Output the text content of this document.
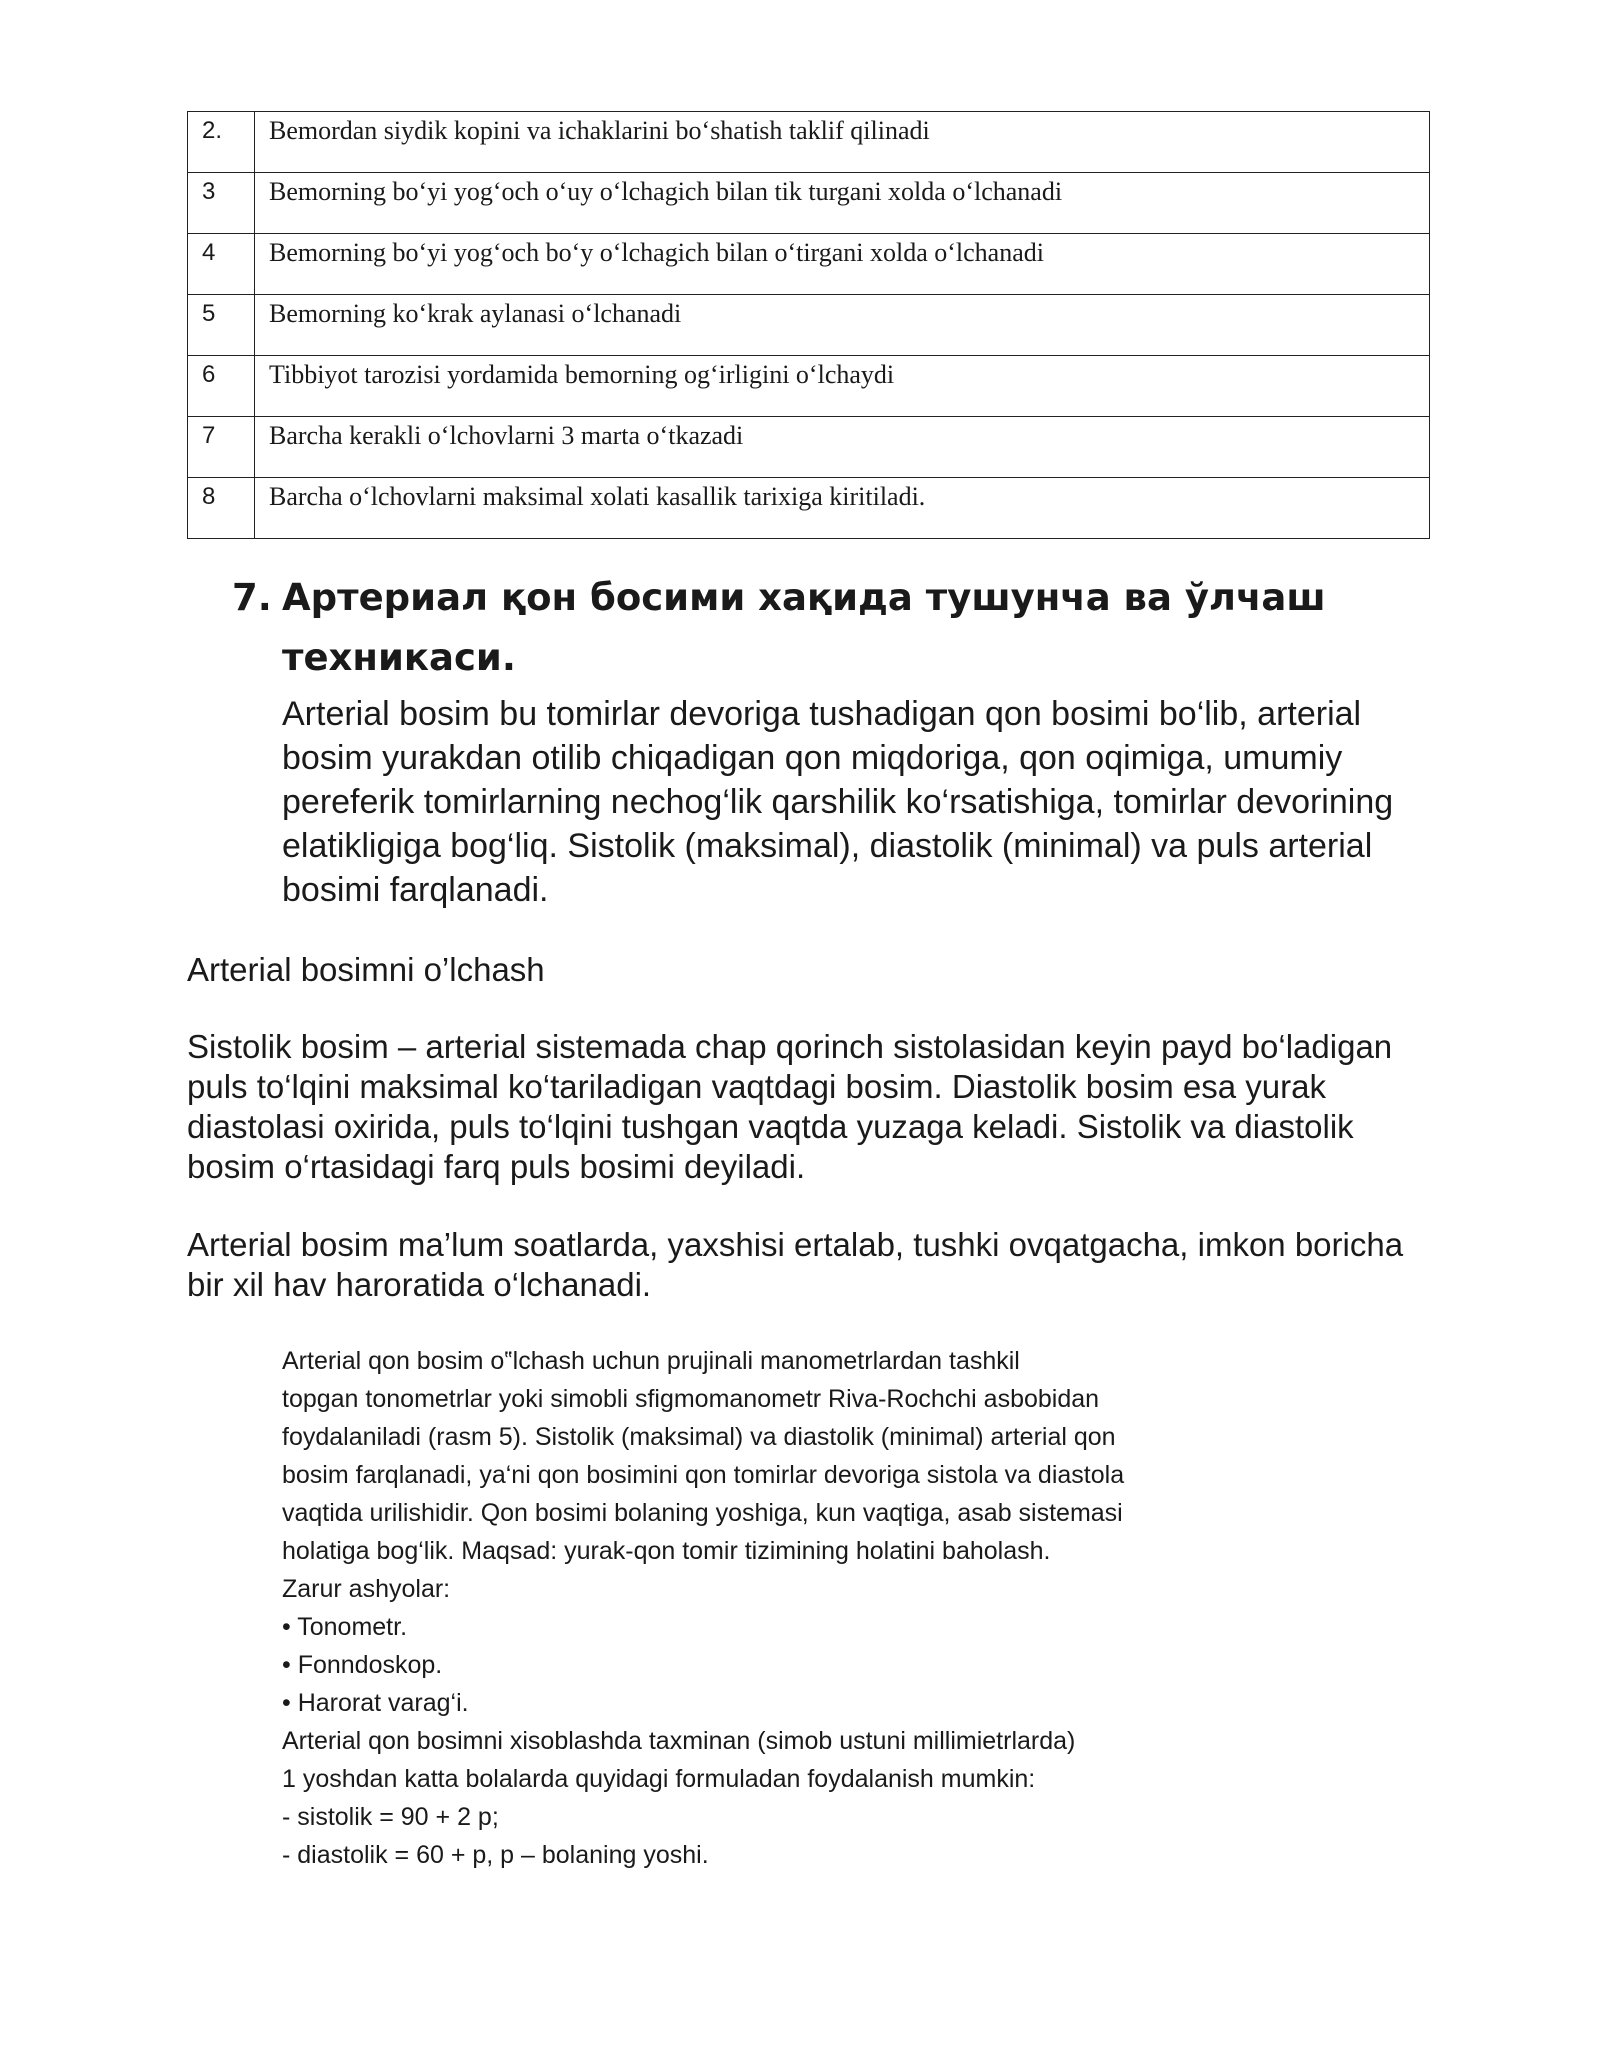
2.	Bemordan siydik kopini va ichaklarini bo‘shatish taklif qilinadi
3	Bemorning bo‘yi yog‘och o‘uy o‘lchagich bilan tik turgani xolda o‘lchanadi
4	Bemorning bo‘yi yog‘och bo‘y o‘lchagich bilan o‘tirgani xolda o‘lchanadi
5	Bemorning ko‘krak aylanasi o‘lchanadi
6	Tibbiyot tarozisi yordamida bemorning og‘irligini o‘lchaydi
7	Barcha kerakli o‘lchovlarni 3 marta o‘tkazadi
8	Barcha o‘lchovlarni maksimal xolati kasallik tarixiga kiritiladi.
7. Артериал қон босими хақида тушунча ва ўлчаш
техникаси.

Arterial bosim bu tomirlar devoriga tushadigan qon bosimi bo‘lib, arterial bosim yurakdan otilib chiqadigan qon miqdoriga, qon oqimiga, umumiy pereferik tomirlarning nechog‘lik qarshilik ko‘rsatishiga, tomirlar devorining elatikligiga bog‘liq. Sistolik (maksimal), diastolik (minimal) va puls arterial bosimi farqlanadi.

Arterial bosimni o’lchash

Sistolik bosim – arterial sistemada chap qorinch sistolasidan keyin payd bo‘ladigan puls to‘lqini maksimal ko‘tariladigan vaqtdagi bosim. Diastolik bosim esa yurak diastolasi oxirida, puls to‘lqini tushgan vaqtda yuzaga keladi. Sistolik va diastolik bosim o‘rtasidagi farq puls bosimi deyiladi.

Arterial bosim ma’lum soatlarda, yaxshisi ertalab, tushki ovqatgacha, imkon boricha bir xil hav haroratida o‘lchanadi.

Arterial qon bosim o‟lchash uchun prujinali manometrlardan tashkil
topgan tonometrlar yoki simobli sfigmomanometr Riva-Rochchi asbobidan
foydalaniladi (rasm 5). Sistolik (maksimal) va diastolik (minimal) arterial qon
bosim farqlanadi, ya‘ni qon bosimini qon tomirlar devoriga sistola va diastola
vaqtida urilishidir. Qon bosimi bolaning yoshiga, kun vaqtiga, asab sistemasi
holatiga bog‘lik. Maqsad: yurak-qon tomir tizimining holatini baholash.
Zarur ashyolar:
• Tonometr.
• Fonndoskop.
• Harorat varag‘i.
Arterial qon bosimni xisoblashda taxminan (simob ustuni millimietrlarda)
1 yoshdan katta bolalarda quyidagi formuladan foydalanish mumkin:
- sistolik = 90 + 2 p;
- diastolik = 60 + p, p – bolaning yoshi.
